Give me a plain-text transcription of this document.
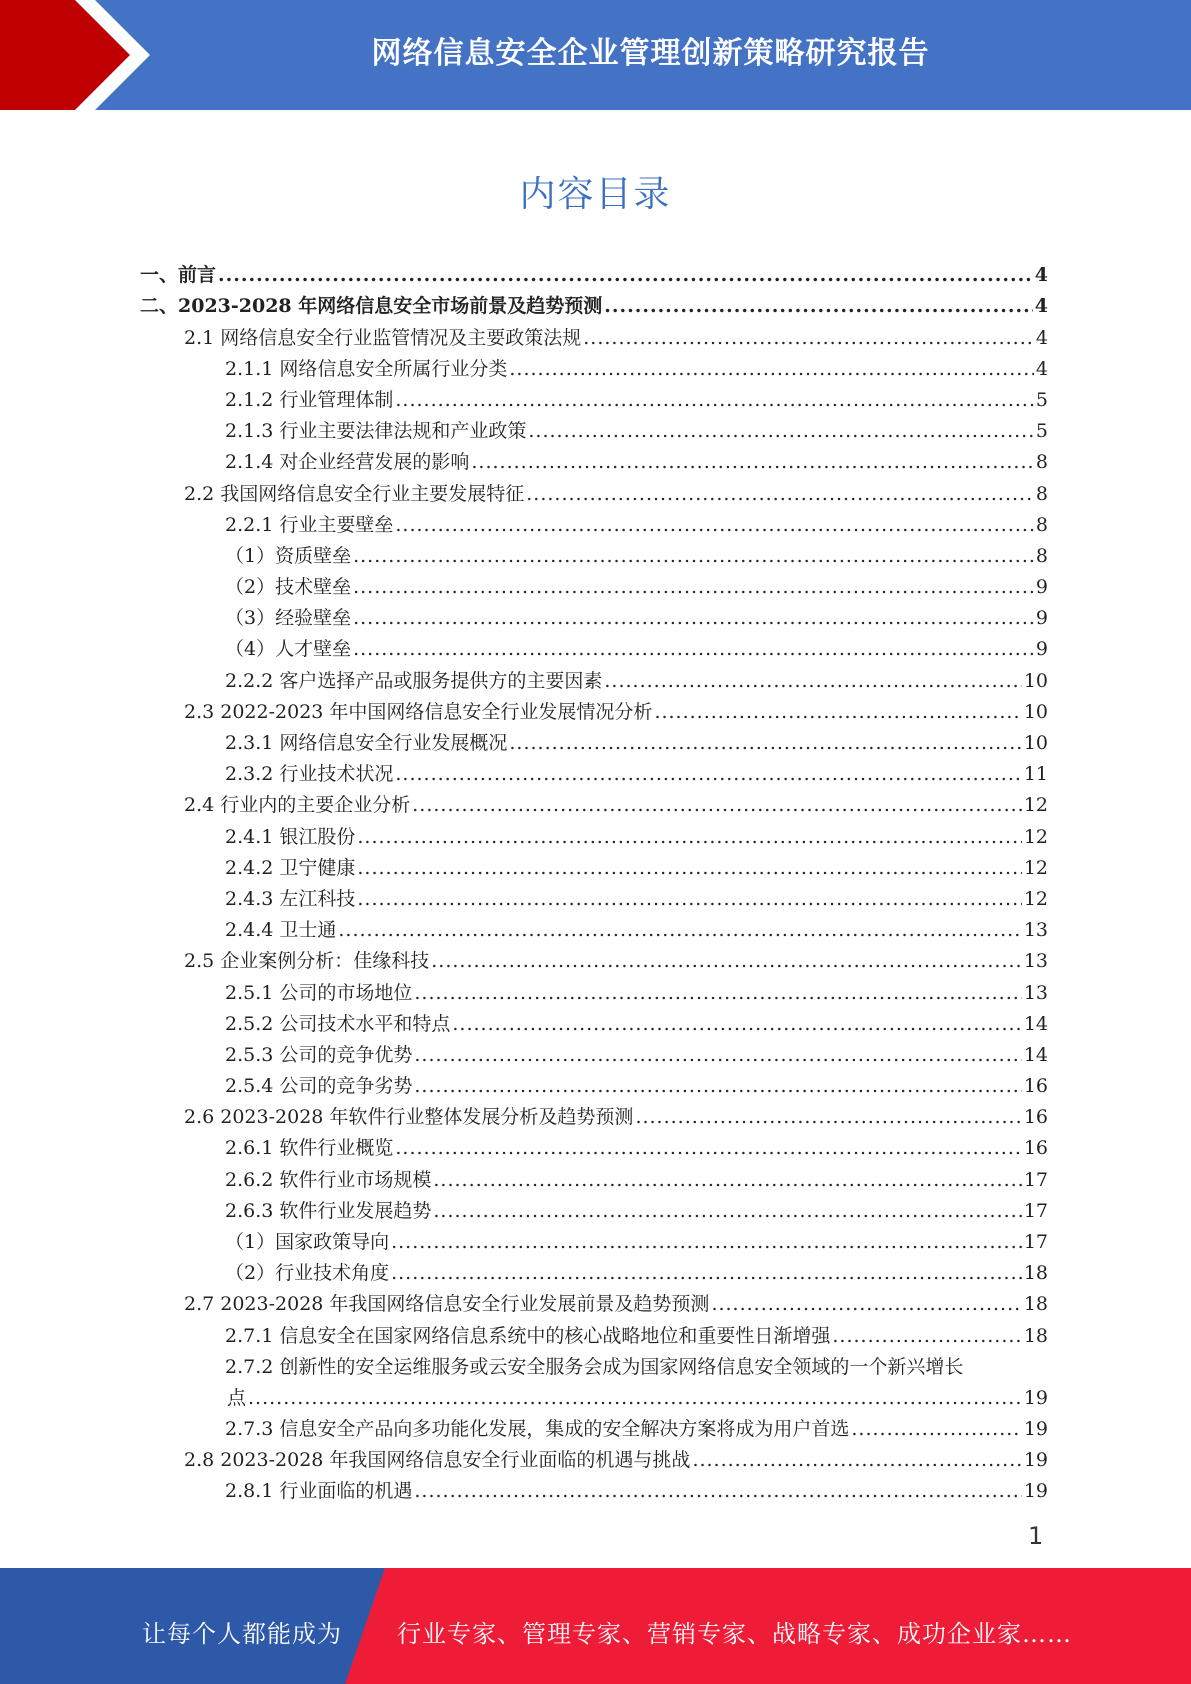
网络信息安全企业管理创新策略研究报告
内容目录
一、前言 .....	4
二、2023-2028 年网络信息安全市场前景及趋势预测 .....	4
2.1 网络信息安全行业监管情况及主要政策法规 .....	4
2.1.1 网络信息安全所属行业分类 .....	4
2.1.2 行业管理体制 .....	5
2.1.3 行业主要法律法规和产业政策 .....	5
2.1.4 对企业经营发展的影响 .....	8
2.2 我国网络信息安全行业主要发展特征 .....	8
2.2.1 行业主要壁垒 .....	8
（1）资质壁垒 .....	8
（2）技术壁垒 .....	9
（3）经验壁垒 .....	9
（4）人才壁垒 .....	9
2.2.2 客户选择产品或服务提供方的主要因素 .....	10
2.3 2022-2023 年中国网络信息安全行业发展情况分析 .....	10
2.3.1 网络信息安全行业发展概况 .....	10
2.3.2 行业技术状况 .....	11
2.4 行业内的主要企业分析 .....	12
2.4.1 银江股份 .....	12
2.4.2 卫宁健康 .....	12
2.4.3 左江科技 .....	12
2.4.4 卫士通 .....	13
2.5 企业案例分析：佳缘科技 .....	13
2.5.1 公司的市场地位 .....	13
2.5.2 公司技术水平和特点 .....	14
2.5.3 公司的竞争优势 .....	14
2.5.4 公司的竞争劣势 .....	16
2.6 2023-2028 年软件行业整体发展分析及趋势预测 .....	16
2.6.1 软件行业概览 .....	16
2.6.2 软件行业市场规模 .....	17
2.6.3 软件行业发展趋势 .....	17
（1）国家政策导向 .....	17
（2）行业技术角度 .....	18
2.7 2023-2028 年我国网络信息安全行业发展前景及趋势预测 .....	18
2.7.1 信息安全在国家网络信息系统中的核心战略地位和重要性日渐增强 .....	18
2.7.2 创新性的安全运维服务或云安全服务会成为国家网络信息安全领域的一个新兴增长
点 .....	19
2.7.3 信息安全产品向多功能化发展，集成的安全解决方案将成为用户首选 .....	19
2.8 2023-2028 年我国网络信息安全行业面临的机遇与挑战 .....	19
2.8.1 行业面临的机遇 .....	19
1
让每个人都能成为 行业专家、管理专家、营销专家、战略专家、成功企业家……
